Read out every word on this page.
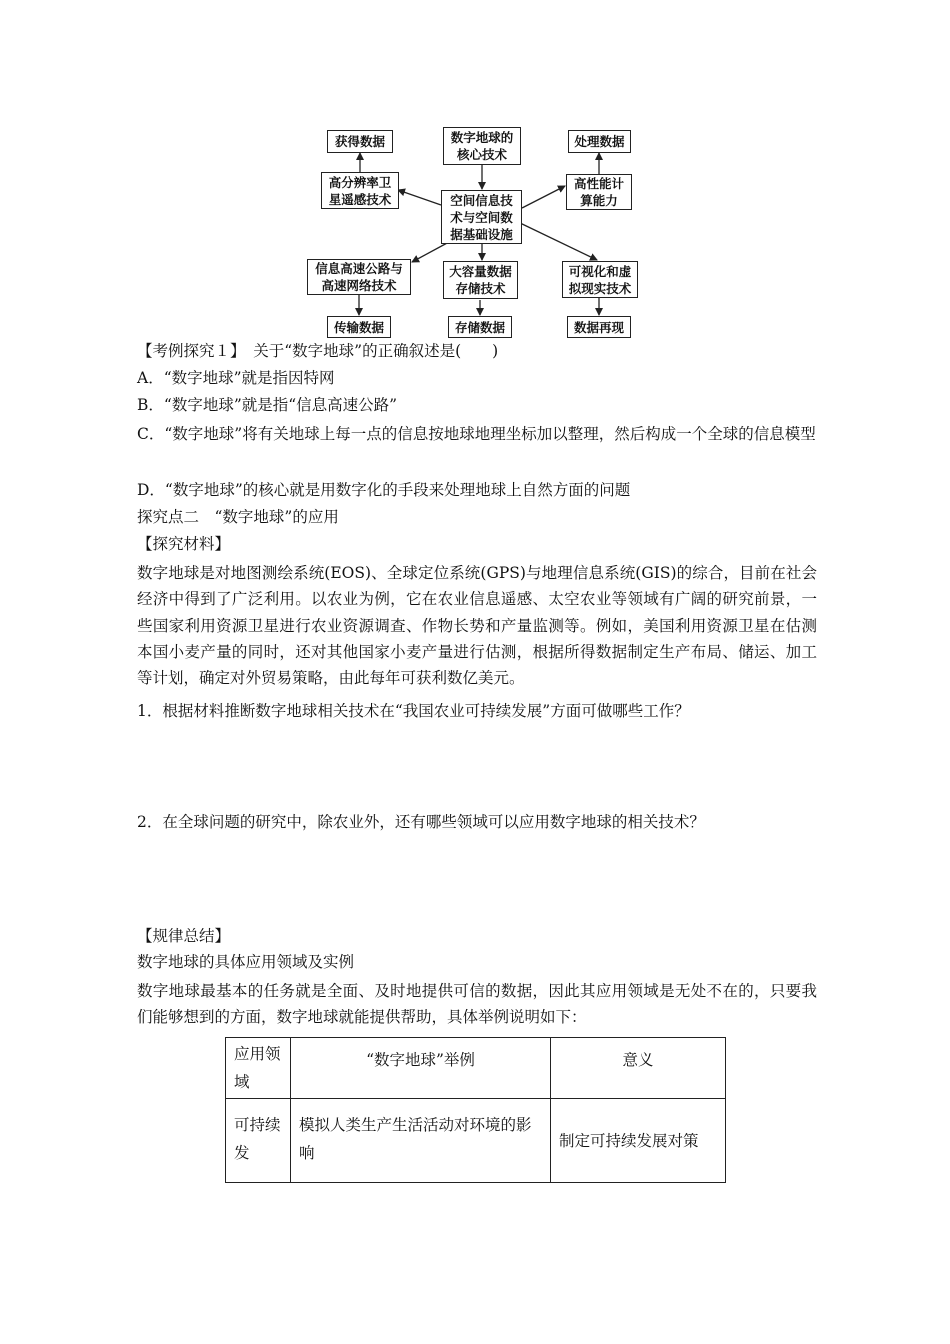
数字地球的
核心技术
空间信息技
术与空间数
据基础设施
获得数据
高分辨率卫
星遥感技术
处理数据
高性能计
算能力
信息高速公路与
高速网络技术
传输数据
大容量数据
存储技术
存储数据
可视化和虚
拟现实技术
数据再现
【考例探究１】　关于“数字地球”的正确叙述是(　　)
A．“数字地球”就是指因特网
B．“数字地球”就是指“信息高速公路”
C．“数字地球”将有关地球上每一点的信息按地球地理坐标加以整理，然后构成一个全球的信息模型
D．“数字地球”的核心就是用数字化的手段来处理地球上自然方面的问题
探究点二　“数字地球”的应用
【探究材料】
数字地球是对地图测绘系统(EOS)、全球定位系统(GPS)与地理信息系统(GIS)的综合，目前在社会经济中得到了广泛利用。以农业为例，它在农业信息遥感、太空农业等领域有广阔的研究前景，一些国家利用资源卫星进行农业资源调查、作物长势和产量监测等。例如，美国利用资源卫星在估测本国小麦产量的同时，还对其他国家小麦产量进行估测，根据所得数据制定生产布局、储运、加工等计划，确定对外贸易策略，由此每年可获利数亿美元。
1．根据材料推断数字地球相关技术在“我国农业可持续发展”方面可做哪些工作？
2．在全球问题的研究中，除农业外，还有哪些领域可以应用数字地球的相关技术？
【规律总结】
数字地球的具体应用领域及实例
数字地球最基本的任务就是全面、及时地提供可信的数据，因此其应用领域是无处不在的，只要我们能够想到的方面，数字地球就能提供帮助，具体举例说明如下：
应用领域	“数字地球”举例	意义
可持续发	模拟人类生产生活活动对环境的影响	制定可持续发展对策
